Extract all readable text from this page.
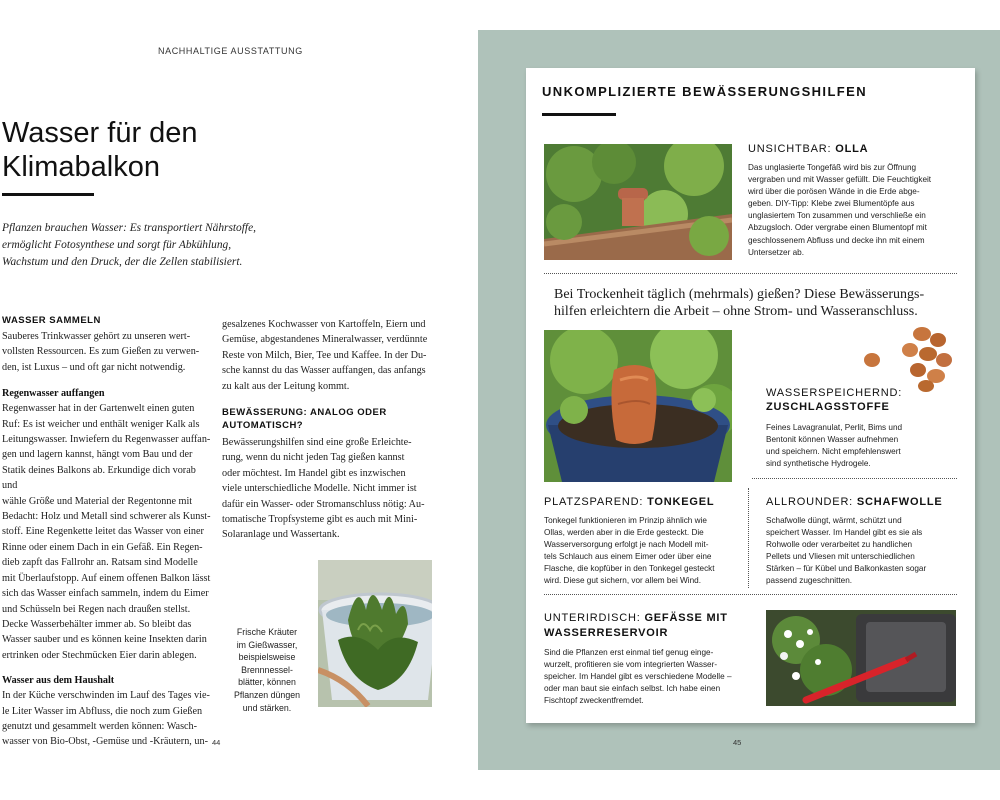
NACHHALTIGE AUSSTATTUNG
Wasser für den
Klimabalkon
Pflanzen brauchen Wasser: Es transportiert Nährstoffe,
ermöglicht Fotosynthese und sorgt für Abkühlung,
Wachstum und den Druck, der die Zellen stabilisiert.
WASSER SAMMELN
Sauberes Trinkwasser gehört zu unseren wert-
vollsten Ressourcen. Es zum Gießen zu verwen-
den, ist Luxus – und oft gar nicht notwendig.
Regenwasser auffangen
Regenwasser hat in der Gartenwelt einen guten
Ruf: Es ist weicher und enthält weniger Kalk als
Leitungswasser. Inwiefern du Regenwasser auffan-
gen und lagern kannst, hängt vom Bau und der
Statik deines Balkons ab. Erkundige dich vorab und
wähle Größe und Material der Regentonne mit
Bedacht: Holz und Metall sind schwerer als Kunst-
stoff. Eine Regenkette leitet das Wasser von einer
Rinne oder einem Dach in ein Gefäß. Ein Regen-
dieb zapft das Fallrohr an. Ratsam sind Modelle
mit Überlaufstopp. Auf einem offenen Balkon lässt
sich das Wasser einfach sammeln, indem du Eimer
und Schüsseln bei Regen nach draußen stellst.
Decke Wasserbehälter immer ab. So bleibt das
Wasser sauber und es können keine Insekten darin
ertrinken oder Stechmücken Eier darin ablegen.
Wasser aus dem Haushalt
In der Küche verschwinden im Lauf des Tages vie-
le Liter Wasser im Abfluss, die noch zum Gießen
genutzt und gesammelt werden können: Wasch-
wasser von Bio-Obst, -Gemüse und -Kräutern, un-
gesalzenes Kochwasser von Kartoffeln, Eiern und
Gemüse, abgestandenes Mineralwasser, verdünnte
Reste von Milch, Bier, Tee und Kaffee. In der Du-
sche kannst du das Wasser auffangen, das anfangs
zu kalt aus der Leitung kommt.
BEWÄSSERUNG: ANALOG ODER
AUTOMATISCH?
Bewässerungshilfen sind eine große Erleichte-
rung, wenn du nicht jeden Tag gießen kannst
oder möchtest. Im Handel gibt es inzwischen
viele unterschiedliche Modelle. Nicht immer ist
dafür ein Wasser- oder Stromanschluss nötig: Au-
tomatische Tropfsysteme gibt es auch mit Mini-
Solaranlage und Wassertank.
Frische Kräuter
im Gießwasser,
beispielsweise
Brennnessel-
blätter, können
Pflanzen düngen
und stärken.
44
UNKOMPLIZIERTE BEWÄSSERUNGSHILFEN
UNSICHTBAR: OLLA
Das unglasierte Tongefäß wird bis zur Öffnung
vergraben und mit Wasser gefüllt. Die Feuchtigkeit
wird über die porösen Wände in die Erde abge-
geben. DIY-Tipp: Klebe zwei Blumentöpfe aus
unglasiertem Ton zusammen und verschließe ein
Abzugsloch. Oder vergrabe einen Blumentopf mit
geschlossenem Abfluss und decke ihn mit einem
Untersetzer ab.
Bei Trockenheit täglich (mehrmals) gießen? Diese Bewässerungs-
hilfen erleichtern die Arbeit – ohne Strom- und Wasseranschluss.
WASSERSPEICHERND:
ZUSCHLAGSSTOFFE
Feines Lavagranulat, Perlit, Bims und
Bentonit können Wasser aufnehmen
und speichern. Nicht empfehlenswert
sind synthetische Hydrogele.
PLATZSPAREND: TONKEGEL
Tonkegel funktionieren im Prinzip ähnlich wie
Ollas, werden aber in die Erde gesteckt. Die
Wasserversorgung erfolgt je nach Modell mit-
tels Schlauch aus einem Eimer oder über eine
Flasche, die kopfüber in den Tonkegel gesteckt
wird. Diese gut sichern, vor allem bei Wind.
ALLROUNDER: SCHAFWOLLE
Schafwolle düngt, wärmt, schützt und
speichert Wasser. Im Handel gibt es sie als
Rohwolle oder verarbeitet zu handlichen
Pellets und Vliesen mit unterschiedlichen
Stärken – für Kübel und Balkonkasten sogar
passend zugeschnitten.
UNTERIRDISCH: GEFÄSSE MIT
WASSERRESERVOIR
Sind die Pflanzen erst einmal tief genug einge-
wurzelt, profitieren sie vom integrierten Wasser-
speicher. Im Handel gibt es verschiedene Modelle –
oder man baut sie einfach selbst. Ich habe einen
Fischtopf zweckentfremdet.
45
